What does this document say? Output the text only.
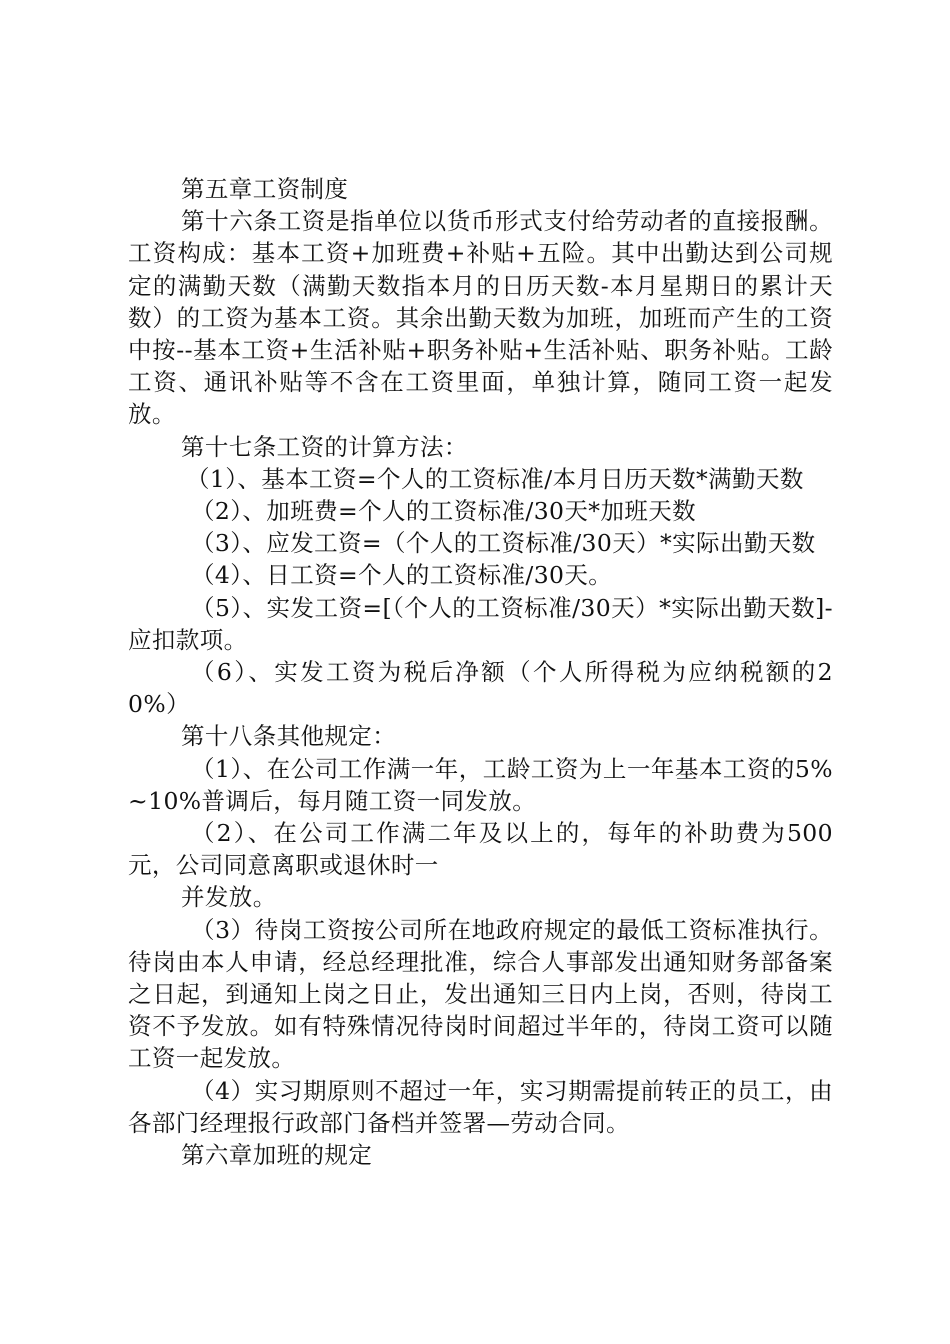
第五章工资制度

第十六条工资是指单位以货币形式支付给劳动者的直接报酬。工资构成：基本工资+加班费+补贴+五险。其中出勤达到公司规定的满勤天数（满勤天数指本月的日历天数-本月星期日的累计天数）的工资为基本工资。其余出勤天数为加班，加班而产生的工资中按--基本工资+生活补贴+职务补贴+生活补贴、职务补贴。工龄工资、通讯补贴等不含在工资里面，单独计算，随同工资一起发放。

第十七条工资的计算方法：

（1）、基本工资=个人的工资标准/本月日历天数*满勤天数

（2）、加班费=个人的工资标准/30天*加班天数

（3）、应发工资=（个人的工资标准/30天）*实际出勤天数

（4）、日工资=个人的工资标准/30天。

（5）、实发工资=[（个人的工资标准/30天）*实际出勤天数]-应扣款项。

（6）、实发工资为税后净额（个人所得税为应纳税额的20%）

第十八条其他规定：

（1）、在公司工作满一年，工龄工资为上一年基本工资的5%~10%普调后，每月随工资一同发放。

（2）、在公司工作满二年及以上的，每年的补助费为500元，公司同意离职或退休时一

并发放。

（3）待岗工资按公司所在地政府规定的最低工资标准执行。待岗由本人申请，经总经理批准，综合人事部发出通知财务部备案之日起，到通知上岗之日止，发出通知三日内上岗，否则，待岗工资不予发放。如有特殊情况待岗时间超过半年的，待岗工资可以随工资一起发放。

（4）实习期原则不超过一年，实习期需提前转正的员工，由各部门经理报行政部门备档并签署—劳动合同。

第六章加班的规定
